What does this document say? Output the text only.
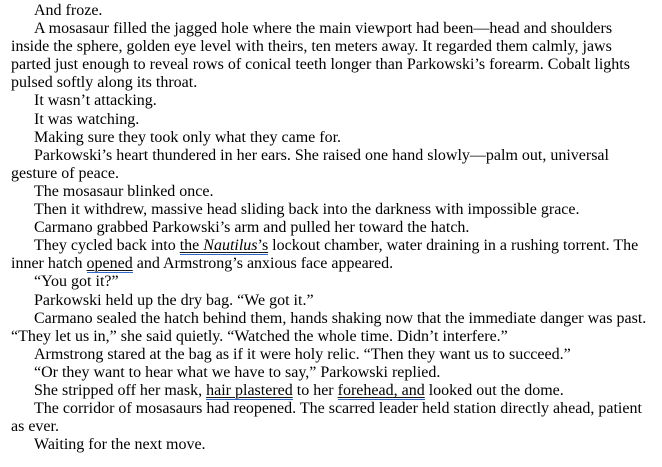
And froze.

A mosasaur filled the jagged hole where the main viewport had been—head and shoulders inside the sphere, golden eye level with theirs, ten meters away. It regarded them calmly, jaws parted just enough to reveal rows of conical teeth longer than Parkowski’s forearm. Cobalt lights pulsed softly along its throat.

It wasn’t attacking.

It was watching.

Making sure they took only what they came for.

Parkowski’s heart thundered in her ears. She raised one hand slowly—palm out, universal gesture of peace.

The mosasaur blinked once.

Then it withdrew, massive head sliding back into the darkness with impossible grace.

Carmano grabbed Parkowski’s arm and pulled her toward the hatch.

They cycled back into the Nautilus’s lockout chamber, water draining in a rushing torrent. The inner hatch opened and Armstrong’s anxious face appeared.

“You got it?”

Parkowski held up the dry bag. “We got it.”

Carmano sealed the hatch behind them, hands shaking now that the immediate danger was past. “They let us in,” she said quietly. “Watched the whole time. Didn’t interfere.”

Armstrong stared at the bag as if it were holy relic. “Then they want us to succeed.”

“Or they want to hear what we have to say,” Parkowski replied.

She stripped off her mask, hair plastered to her forehead, and looked out the dome.

The corridor of mosasaurs had reopened. The scarred leader held station directly ahead, patient as ever.

Waiting for the next move.
